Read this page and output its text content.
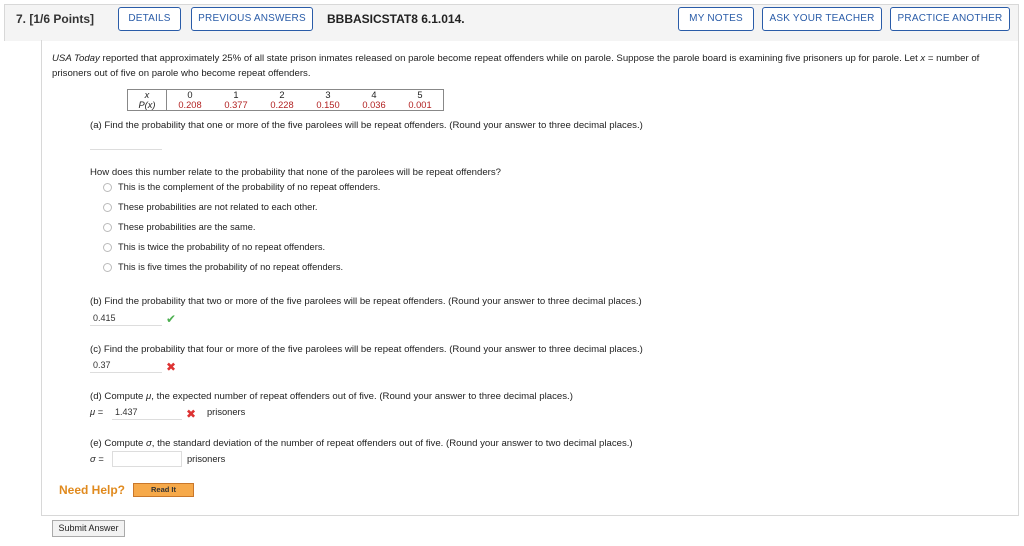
7. [1/6 Points]	DETAILS	PREVIOUS ANSWERS	BBBASICSTAT8 6.1.014.	MY NOTES	ASK YOUR TEACHER	PRACTICE ANOTHER
USA Today reported that approximately 25% of all state prison inmates released on parole become repeat offenders while on parole. Suppose the parole board is examining five prisoners up for parole. Let x = number of prisoners out of five on parole who become repeat offenders.
x	0	1	2	3	4	5
P(x)	0.208	0.377	0.228	0.150	0.036	0.001
(a) Find the probability that one or more of the five parolees will be repeat offenders. (Round your answer to three decimal places.)
How does this number relate to the probability that none of the parolees will be repeat offenders?
This is the complement of the probability of no repeat offenders.
These probabilities are not related to each other.
These probabilities are the same.
This is twice the probability of no repeat offenders.
This is five times the probability of no repeat offenders.
(b) Find the probability that two or more of the five parolees will be repeat offenders. (Round your answer to three decimal places.)
0.415	✔
(c) Find the probability that four or more of the five parolees will be repeat offenders. (Round your answer to three decimal places.)
0.37	✖
(d) Compute μ, the expected number of repeat offenders out of five. (Round your answer to three decimal places.)
μ =	1.437	✖ prisoners
(e) Compute σ, the standard deviation of the number of repeat offenders out of five. (Round your answer to two decimal places.)
σ =	prisoners
Need Help?	Read It
Submit Answer
